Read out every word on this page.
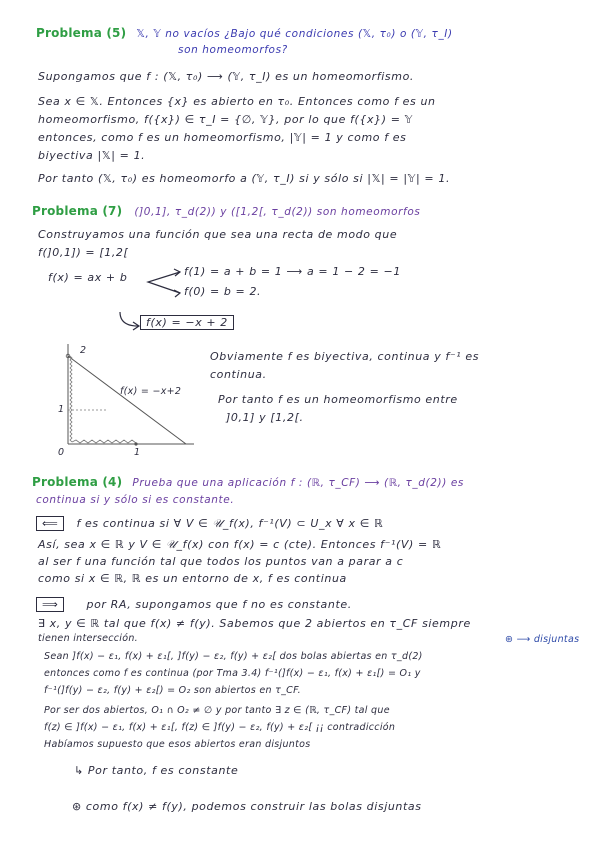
Problema (5) 𝕏, 𝕐 no vacíos ¿Bajo qué condiciones (𝕏, τ₀) o (𝕐, τ_I)
son homeomorfos?
Supongamos que f : (𝕏, τ₀) ⟶ (𝕐, τ_I) es un homeomorfismo.
Sea x ∈ 𝕏. Entonces {x} es abierto en τ₀. Entonces como f es un
homeomorfismo, f({x}) ∈ τ_I = {∅, 𝕐}, por lo que f({x}) = 𝕐
entonces, como f es un homeomorfismo, |𝕐| = 1 y como f es
biyectiva |𝕏| = 1.
Por tanto (𝕏, τ₀) es homeomorfo a (𝕐, τ_I) si y sólo si |𝕏| = |𝕐| = 1.
Problema (7) (]0,1], τ_d(2)) y ([1,2[, τ_d(2)) son homeomorfos
Construyamos una función que sea una recta de modo que
f(]0,1]) = [1,2[
f(x) = ax + b	f(1) = a + b = 1 ⟶ a = 1 − 2 = −1
f(0) = b = 2.
f(x) = −x + 2
2
1
0	1
f(x) = −x+2
Obviamente f es biyectiva, continua y f⁻¹ es
continua.
Por tanto f es un homeomorfismo entre
]0,1] y [1,2[.
Problema (4) Prueba que una aplicación f : (ℝ, τ_CF) ⟶ (ℝ, τ_d(2)) es
continua si y sólo si es constante.
⟸ f es continua si ∀ V ∈ 𝒰_f(x), f⁻¹(V) ⊂ U_x ∀ x ∈ ℝ
Así, sea x ∈ ℝ y V ∈ 𝒰_f(x) con f(x) = c (cte). Entonces f⁻¹(V) = ℝ
al ser f una función tal que todos los puntos van a parar a c
como si x ∈ ℝ, ℝ es un entorno de x, f es continua
⟹	por RA, supongamos que f no es constante.
∃ x, y ∈ ℝ tal que f(x) ≠ f(y). Sabemos que 2 abiertos en τ_CF siempre
tienen intersección.	⊛ ⟶ disjuntas
Sean ]f(x) − ε₁, f(x) + ε₁[, ]f(y) − ε₂, f(y) + ε₂[ dos bolas abiertas en τ_d(2)
entonces como f es continua (por Tma 3.4) f⁻¹(]f(x) − ε₁, f(x) + ε₁[) = O₁ y
f⁻¹(]f(y) − ε₂, f(y) + ε₂[) = O₂ son abiertos en τ_CF.
Por ser dos abiertos, O₁ ∩ O₂ ≠ ∅ y por tanto ∃ z ∈ (ℝ, τ_CF) tal que
f(z) ∈ ]f(x) − ε₁, f(x) + ε₁[, f(z) ∈ ]f(y) − ε₂, f(y) + ε₂[ ¡¡ contradicción
Habíamos supuesto que esos abiertos eran disjuntos
↳ Por tanto, f es constante
⊛ como f(x) ≠ f(y), podemos construir las bolas disjuntas
